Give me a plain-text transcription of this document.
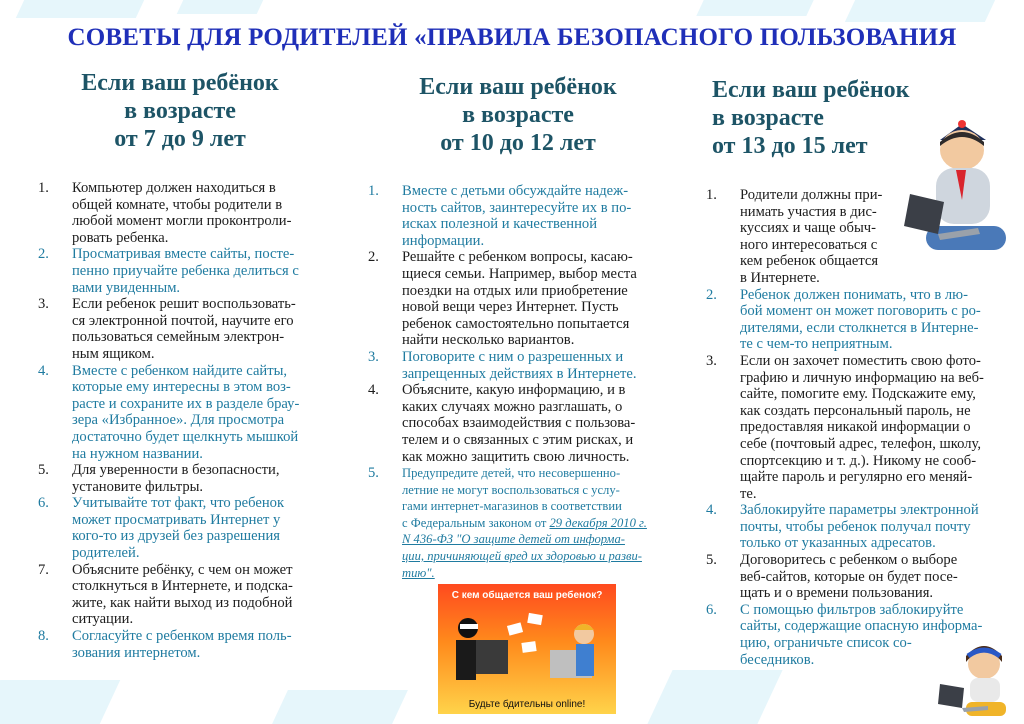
СОВЕТЫ ДЛЯ РОДИТЕЛЕЙ «ПРАВИЛА БЕЗОПАСНОГО ПОЛЬЗОВАНИЯ
Если ваш ребёнок
в возрасте
от 7 до 9 лет
Если ваш ребёнок
в возрасте
от 10 до 12 лет
Если ваш ребёнок
в возрасте
от 13 до 15 лет
1. Компьютер должен находиться в
общей комнате, чтобы родители в
любой момент могли проконтроли-
ровать ребенка.
2. Просматривая вместе сайты, посте-
пенно приучайте ребенка делиться с
вами увиденным.
3. Если ребенок решит воспользовать-
ся электронной почтой, научите его
пользоваться семейным электрон-
ным ящиком.
4. Вместе с ребенком найдите сайты,
которые ему интересны в этом воз-
расте и сохраните их в разделе брау-
зера «Избранное». Для просмотра
достаточно будет щелкнуть мышкой
на нужном названии.
5. Для уверенности в безопасности,
установите фильтры.
6. Учитывайте тот факт, что ребенок
может просматривать Интернет у
кого-то из друзей без разрешения
родителей.
7. Объясните ребёнку, с чем он может
столкнуться в Интернете, и подска-
жите, как найти выход из подобной
ситуации.
8. Согласуйте с ребенком время поль-
зования интернетом.
1. Вместе с детьми обсуждайте надеж-
ность сайтов, заинтересуйте их в по-
исках полезной и качественной
информации.
2. Решайте с ребенком вопросы, касаю-
щиеся семьи. Например, выбор места
поездки на отдых или приобретение
новой вещи через Интернет. Пусть
ребенок самостоятельно попытается
найти несколько вариантов.
3. Поговорите с ним о разрешенных и
запрещенных действиях в Интернете.
4. Объясните, какую информацию, и в
каких случаях можно разглашать, о
способах взаимодействия с пользова-
телем и о связанных с этим рисках, и
как можно защитить свою личность.
5. Предупредите детей, что несовершенно-
летние не могут воспользоваться с услу-
гами интернет-магазинов в соответствии
с Федеральным законом от 29 декабря 2010 г.
N 436-ФЗ "О защите детей от информа-
ции, причиняющей вред их здоровью и разви-
тию".
1. Родители должны при-
нимать участия в дис-
куссиях и чаще обыч-
ного интересоваться с
кем ребенок общается
в Интернете.
2. Ребенок должен понимать, что в лю-
бой момент он может поговорить с ро-
дителями, если столкнется в Интерне-
те с чем-то неприятным.
3. Если он захочет поместить свою фото-
графию и личную информацию на веб-
сайте, помогите ему. Подскажите ему,
как создать персональный пароль, не
предоставляя никакой информации о
себе (почтовый адрес, телефон, школу,
спортсекцию и т. д.). Никому не сооб-
щайте пароль и регулярно его меняй-
те.
4. Заблокируйте параметры электронной
почты, чтобы ребенок получал почту
только от указанных адресатов.
5. Договоритесь с ребенком о выборе
веб-сайтов, которые он будет посе-
щать и о времени пользования.
6. С помощью фильтров заблокируйте
сайты, содержащие опасную информа-
цию, ограничьте список со-
беседников.
С кем общается ваш ребенок?
Будьте бдительны online!
